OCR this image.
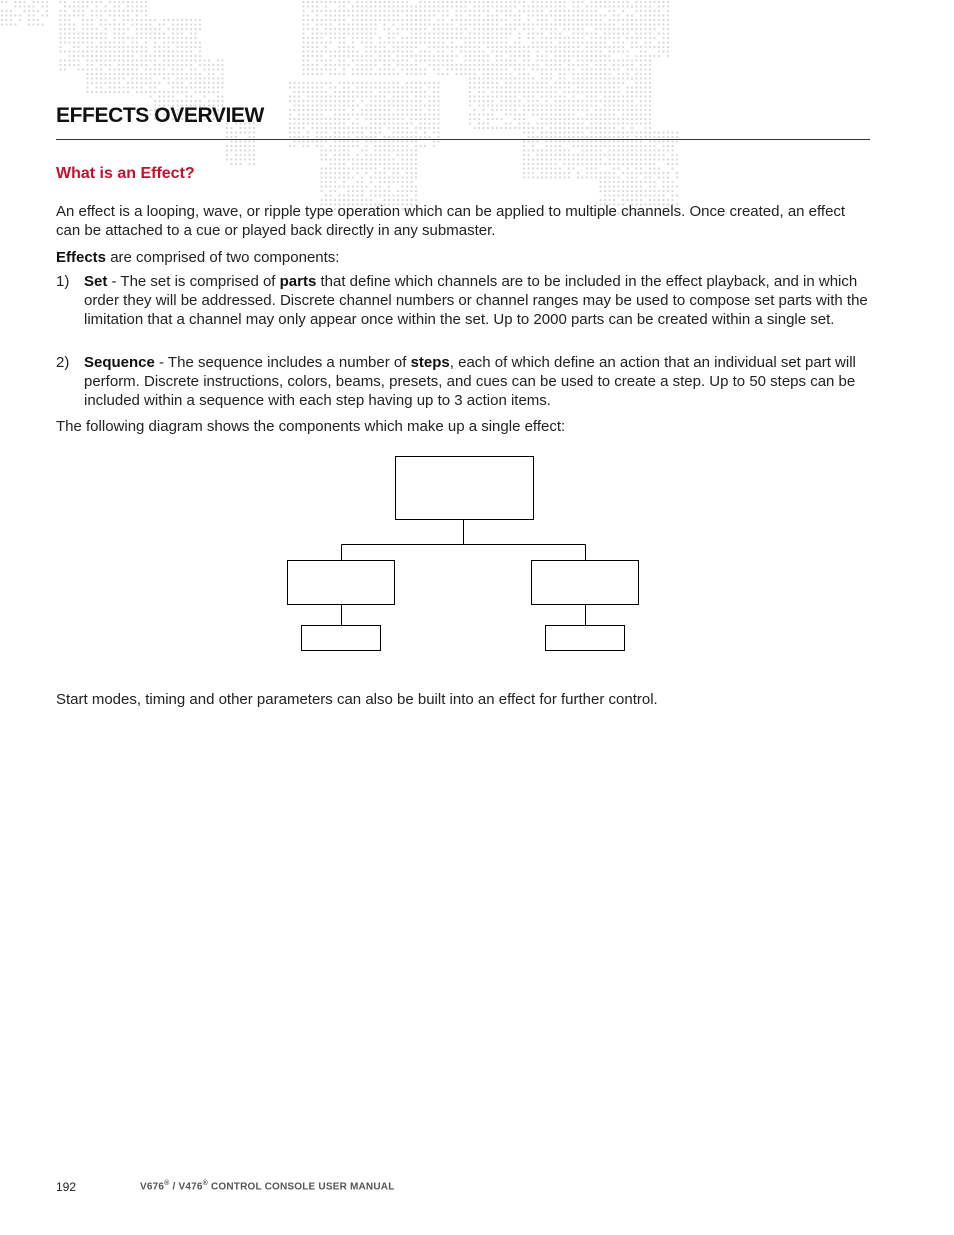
EFFECTS OVERVIEW
What is an Effect?

An effect is a looping, wave, or ripple type operation which can be applied to multiple channels. Once created, an effect can be attached to a cue or played back directly in any submaster.

Effects are comprised of two components:

1) Set - The set is comprised of parts that define which channels are to be included in the effect playback, and in which order they will be addressed. Discrete channel numbers or channel ranges may be used to compose set parts with the limitation that a channel may only appear once within the set. Up to 2000 parts can be created within a single set.
2) Sequence - The sequence includes a number of steps, each of which define an action that an individual set part will perform. Discrete instructions, colors, beams, presets, and cues can be used to create a step. Up to 50 steps can be included within a sequence with each step having up to 3 action items.

The following diagram shows the components which make up a single effect:

Start modes, timing and other parameters can also be built into an effect for further control.

192	V676® / V476® CONTROL CONSOLE USER MANUAL
